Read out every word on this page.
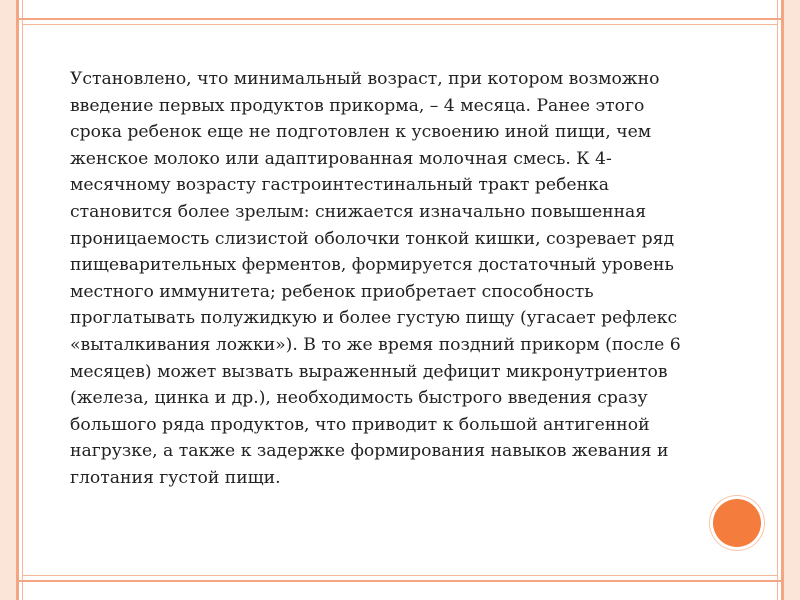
Установлено, что минимальный возраст, при котором возможно
введение первых продуктов прикорма, – 4 месяца. Ранее этого
срока ребенок еще не подготовлен к усвоению иной пищи, чем
женское молоко или адаптированная молочная смесь. К 4-
месячному возрасту гастроинтестинальный тракт ребенка
становится более зрелым: снижается изначально повышенная
проницаемость слизистой оболочки тонкой кишки, созревает ряд
пищеварительных ферментов, формируется достаточный уровень
местного иммунитета; ребенок приобретает способность
проглатывать полужидкую и более густую пищу (угасает рефлекс
«выталкивания ложки»). В то же время поздний прикорм (после 6
месяцев) может вызвать выраженный дефицит микронутриентов
(железа, цинка и др.), необходимость быстрого введения сразу
большого ряда продуктов, что приводит к большой антигенной
нагрузке, а также к задержке формирования навыков жевания и
глотания густой пищи.
